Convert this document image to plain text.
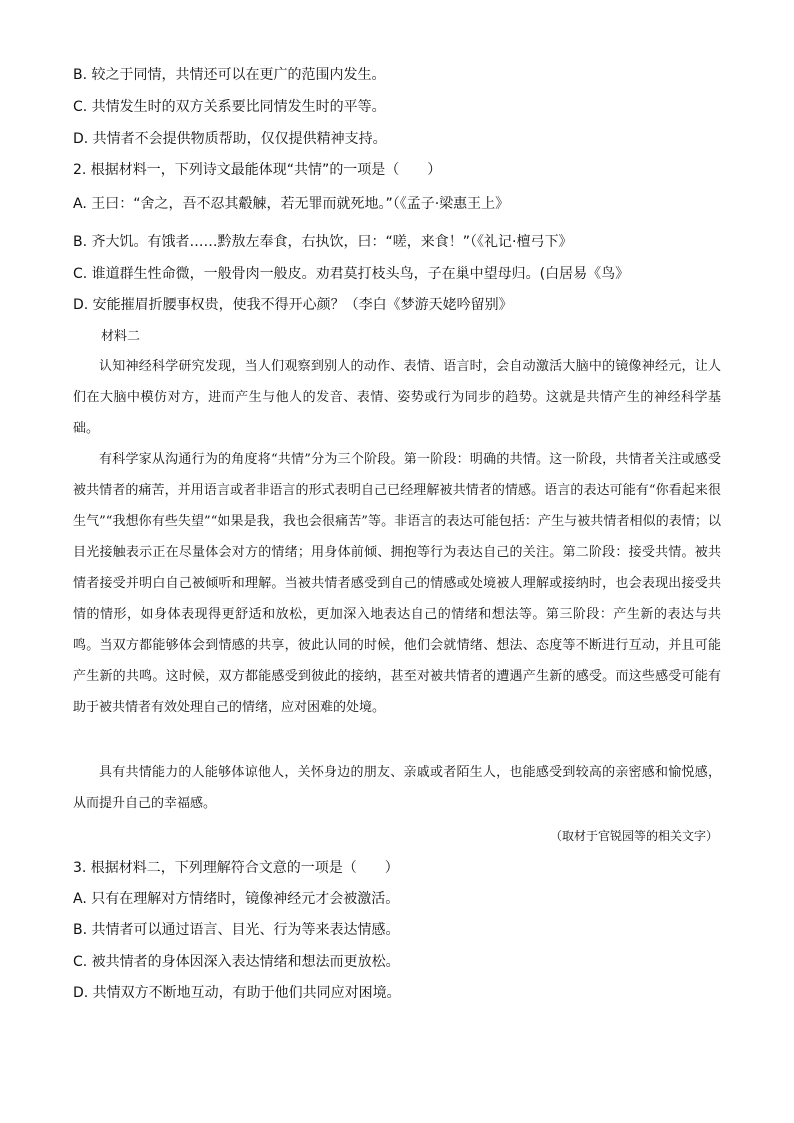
B. 较之于同情，共情还可以在更广的范围内发生。
C. 共情发生时的双方关系要比同情发生时的平等。
D. 共情者不会提供物质帮助，仅仅提供精神支持。
2. 根据材料一，下列诗文最能体现“共情”的一项是（　　）
A. 王曰：“舍之，吾不忍其觳觫，若无罪而就死地。”（《孟子·梁惠王上》
B. 齐大饥。有饿者……黔敖左奉食，右执饮，曰：“嗟，来食！”（《礼记·檀弓下》
C. 谁道群生性命微，一般骨肉一般皮。劝君莫打枝头鸟，子在巢中望母归。(白居易《鸟》
D. 安能摧眉折腰事权贵，使我不得开心颜？（李白《梦游天姥吟留别》
材料二

认知神经科学研究发现，当人们观察到别人的动作、表情、语言时，会自动激活大脑中的镜像神经元，让人们在大脑中模仿对方，进而产生与他人的发音、表情、姿势或行为同步的趋势。这就是共情产生的神经科学基础。

有科学家从沟通行为的角度将“共情”分为三个阶段。第一阶段：明确的共情。这一阶段，共情者关注或感受被共情者的痛苦，并用语言或者非语言的形式表明自己已经理解被共情者的情感。语言的表达可能有“你看起来很生气”“我想你有些失望”“如果是我，我也会很痛苦”等。非语言的表达可能包括：产生与被共情者相似的表情；以目光接触表示正在尽量体会对方的情绪；用身体前倾、拥抱等行为表达自己的关注。第二阶段：接受共情。被共情者接受并明白自己被倾听和理解。当被共情者感受到自己的情感或处境被人理解或接纳时，也会表现出接受共情的情形，如身体表现得更舒适和放松，更加深入地表达自己的情绪和想法等。第三阶段：产生新的表达与共鸣。当双方都能够体会到情感的共享，彼此认同的时候，他们会就情绪、想法、态度等不断进行互动，并且可能产生新的共鸣。这时候，双方都能感受到彼此的接纳，甚至对被共情者的遭遇产生新的感受。而这些感受可能有助于被共情者有效处理自己的情绪，应对困难的处境。

具有共情能力的人能够体谅他人，关怀身边的朋友、亲戚或者陌生人，也能感受到较高的亲密感和愉悦感，从而提升自己的幸福感。

（取材于官锐园等的相关文字）
3. 根据材料二，下列理解符合文意的一项是（　　）
A. 只有在理解对方情绪时，镜像神经元才会被激活。
B. 共情者可以通过语言、目光、行为等来表达情感。
C. 被共情者的身体因深入表达情绪和想法而更放松。
D. 共情双方不断地互动，有助于他们共同应对困境。
